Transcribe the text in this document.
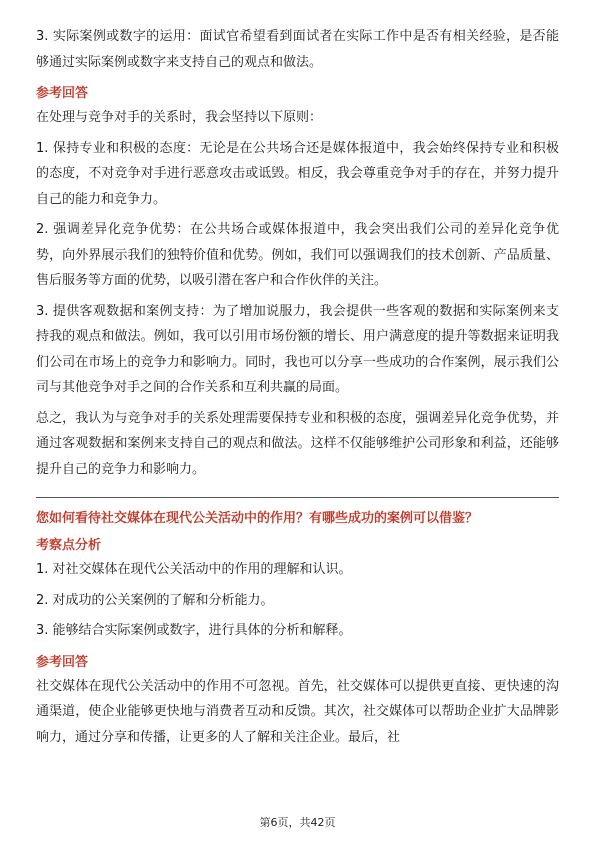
3. 实际案例或数字的运用：面试官希望看到面试者在实际工作中是否有相关经验，是否能够通过实际案例或数字来支持自己的观点和做法。

参考回答

在处理与竞争对手的关系时，我会坚持以下原则：

1. 保持专业和积极的态度：无论是在公共场合还是媒体报道中，我会始终保持专业和积极的态度，不对竞争对手进行恶意攻击或诋毁。相反，我会尊重竞争对手的存在，并努力提升自己的能力和竞争力。

2. 强调差异化竞争优势：在公共场合或媒体报道中，我会突出我们公司的差异化竞争优势，向外界展示我们的独特价值和优势。例如，我们可以强调我们的技术创新、产品质量、售后服务等方面的优势，以吸引潜在客户和合作伙伴的关注。

3. 提供客观数据和案例支持：为了增加说服力，我会提供一些客观的数据和实际案例来支持我的观点和做法。例如，我可以引用市场份额的增长、用户满意度的提升等数据来证明我们公司在市场上的竞争力和影响力。同时，我也可以分享一些成功的合作案例，展示我们公司与其他竞争对手之间的合作关系和互利共赢的局面。

总之，我认为与竞争对手的关系处理需要保持专业和积极的态度，强调差异化竞争优势，并通过客观数据和案例来支持自己的观点和做法。这样不仅能够维护公司形象和利益，还能够提升自己的竞争力和影响力。

您如何看待社交媒体在现代公关活动中的作用？有哪些成功的案例可以借鉴？
考察点分析

1. 对社交媒体在现代公关活动中的作用的理解和认识。

2. 对成功的公关案例的了解和分析能力。

3. 能够结合实际案例或数字，进行具体的分析和解释。

参考回答

社交媒体在现代公关活动中的作用不可忽视。首先，社交媒体可以提供更直接、更快速的沟通渠道，使企业能够更快地与消费者互动和反馈。其次，社交媒体可以帮助企业扩大品牌影响力，通过分享和传播，让更多的人了解和关注企业。最后，社

第6页，共42页
